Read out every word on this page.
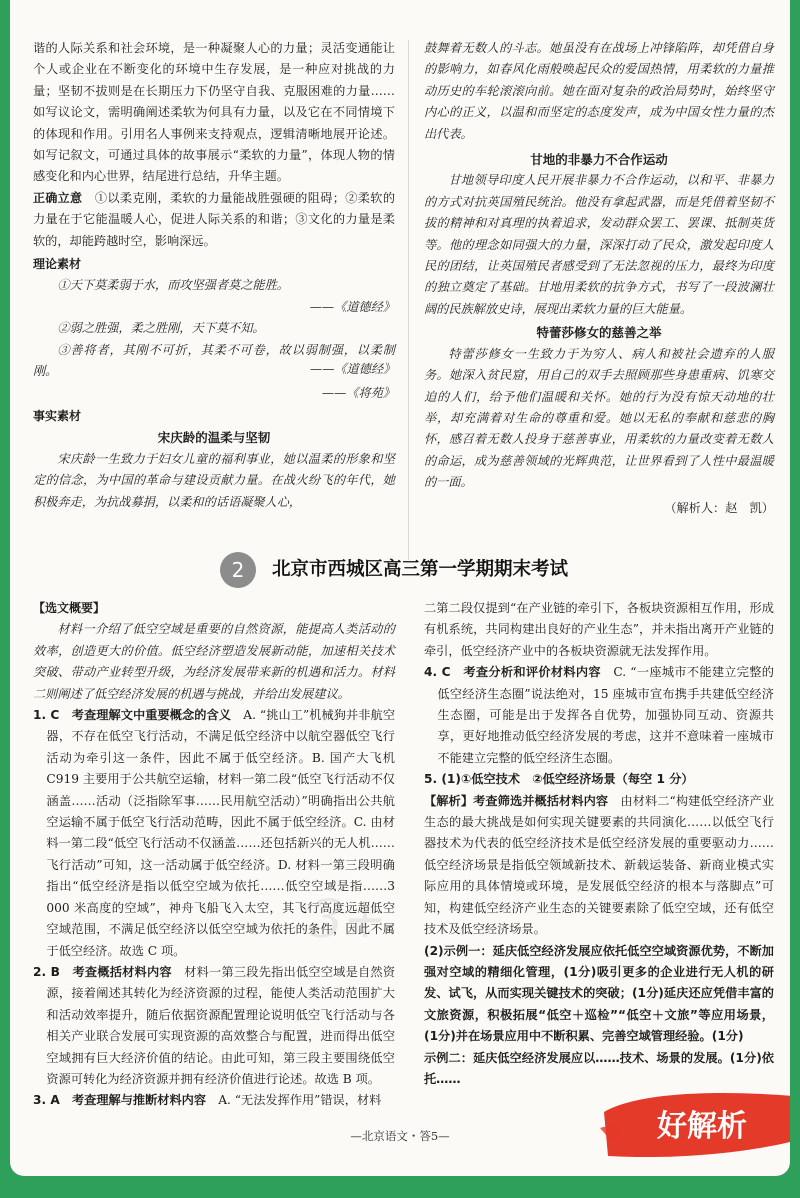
谐的人际关系和社会环境，是一种凝聚人心的力量；灵活变通能让个人或企业在不断变化的环境中生存发展，是一种应对挑战的力量；坚韧不拔则是在长期压力下仍坚守自我、克服困难的力量……如写议论文，需明确阐述柔软为何具有力量，以及它在不同情境下的体现和作用。引用名人事例来支持观点，逻辑清晰地展开论述。如写记叙文，可通过具体的故事展示“柔软的力量”，体现人物的情感变化和内心世界，结尾进行总结，升华主题。

正确立意　 ①以柔克刚，柔软的力量能战胜强硬的阻碍；②柔软的力量在于它能温暖人心，促进人际关系的和谐；③文化的力量是柔软的，却能跨越时空，影响深远。

理论素材

①天下莫柔弱于水，而攻坚强者莫之能胜。

——《道德经》

②弱之胜强，柔之胜刚，天下莫不知。

③善将者，其刚不可折，其柔不可卷，故以弱制强，以柔制刚。

——《将苑》

事实素材

宋庆龄的温柔与坚韧

宋庆龄一生致力于妇女儿童的福利事业，她以温柔的形象和坚定的信念，为中国的革命与建设贡献力量。在战火纷飞的年代，她积极奔走，为抗战募捐，以柔和的话语凝聚人心，

——《道德经》

鼓舞着无数人的斗志。她虽没有在战场上冲锋陷阵，却凭借自身的影响力，如春风化雨般唤起民众的爱国热情，用柔软的力量推动历史的车轮滚滚向前。她在面对复杂的政治局势时，始终坚守内心的正义，以温和而坚定的态度发声，成为中国女性力量的杰出代表。

甘地的非暴力不合作运动

甘地领导印度人民开展非暴力不合作运动，以和平、非暴力的方式对抗英国殖民统治。他没有拿起武器，而是凭借着坚韧不拔的精神和对真理的执着追求，发动群众罢工、罢课、抵制英货等。他的理念如同强大的力量，深深打动了民众，激发起印度人民的团结，让英国殖民者感受到了无法忽视的压力，最终为印度的独立奠定了基础。甘地用柔软的抗争方式，书写了一段波澜壮阔的民族解放史诗，展现出柔软力量的巨大能量。

特蕾莎修女的慈善之举

特蕾莎修女一生致力于为穷人、病人和被社会遗弃的人服务。她深入贫民窟，用自己的双手去照顾那些身患重病、饥寒交迫的人们，给予他们温暖和关怀。她的行为没有惊天动地的壮举，却充满着对生命的尊重和爱。她以无私的奉献和慈悲的胸怀，感召着无数人投身于慈善事业，用柔软的力量改变着无数人的命运，成为慈善领域的光辉典范，让世界看到了人性中最温暖的一面。

（解析人：赵　凯）

2	北京市西城区高三第一学期期末考试

【选文概要】

材料一介绍了低空空域是重要的自然资源，能提高人类活动的效率，创造更大的价值。低空经济塑造发展新动能，加速相关技术突破、带动产业转型升级，为经济发展带来新的机遇和活力。材料二则阐述了低空经济发展的机遇与挑战，并给出发展建议。

1. C　考查理解文中重要概念的含义　 A. “挑山工”机械狗并非航空器，不存在低空飞行活动，不满足低空经济中以航空器低空飞行活动为牵引这一条件，因此不属于低空经济。B. 国产大飞机 C919 主要用于公共航空运输，材料一第二段“低空飞行活动不仅涵盖……活动（泛指除军事……民用航空活动）”明确指出公共航空运输不属于低空飞行活动范畴，因此不属于低空经济。C. 由材料一第二段“低空飞行活动不仅涵盖……还包括新兴的无人机……飞行活动”可知，这一活动属于低空经济。D. 材料一第三段明确指出“低空经济是指以低空空域为依托……低空空域是指……3 000 米高度的空域”，神舟飞船飞入太空，其飞行高度远超低空空域范围，不满足低空经济以低空空域为依托的条件，因此不属于低空经济。故选 C 项。

2. B　考查概括材料内容　 材料一第三段先指出低空空域是自然资源，接着阐述其转化为经济资源的过程，能使人类活动范围扩大和活动效率提升，随后依据资源配置理论说明低空飞行活动与各相关产业联合发展可实现资源的高效整合与配置，进而得出低空空域拥有巨大经济价值的结论。由此可知，第三段主要围绕低空资源可转化为经济资源并拥有经济价值进行论述。故选 B 项。

3. A　考查理解与推断材料内容　 A. “无法发挥作用”错误，材料

二第二段仅提到“在产业链的牵引下，各板块资源相互作用，形成有机系统，共同构建出良好的产业生态”，并未指出离开产业链的牵引，低空经济产业中的各板块资源就无法发挥作用。

4. C　考查分析和评价材料内容　 C. “一座城市不能建立完整的低空经济生态圈”说法绝对，15 座城市宣布携手共建低空经济生态圈，可能是出于发挥各自优势，加强协同互动、资源共享，更好地推动低空经济发展的考虑，这并不意味着一座城市不能建立完整的低空经济生态圈。

5. (1)①低空技术　②低空经济场景（每空 1 分）

【解析】考查筛选并概括材料内容　 由材料二“构建低空经济产业生态的最大挑战是如何实现关键要素的共同演化……以低空飞行器技术为代表的低空经济技术是低空经济发展的重要驱动力……低空经济场景是指低空领域新技术、新载运装备、新商业模式实际应用的具体情境或环境，是发展低空经济的根本与落脚点”可知，构建低空经济产业生态的关键要素除了低空空域，还有低空技术及低空经济场景。

(2)示例一：延庆低空经济发展应依托低空空域资源优势，不断加强对空域的精细化管理，(1分)吸引更多的企业进行无人机的研发、试飞，从而实现关键技术的突破；(1分)延庆还应凭借丰富的文旅资源，积极拓展“低空＋巡检”“低空＋文旅”等应用场景，(1分)并在场景应用中不断积累、完善空域管理经验。(1分)

示例二：延庆低空经济发展应以……技术、场景的发展。(1分)依托……

3+
—北京语文・答5—	好解析
